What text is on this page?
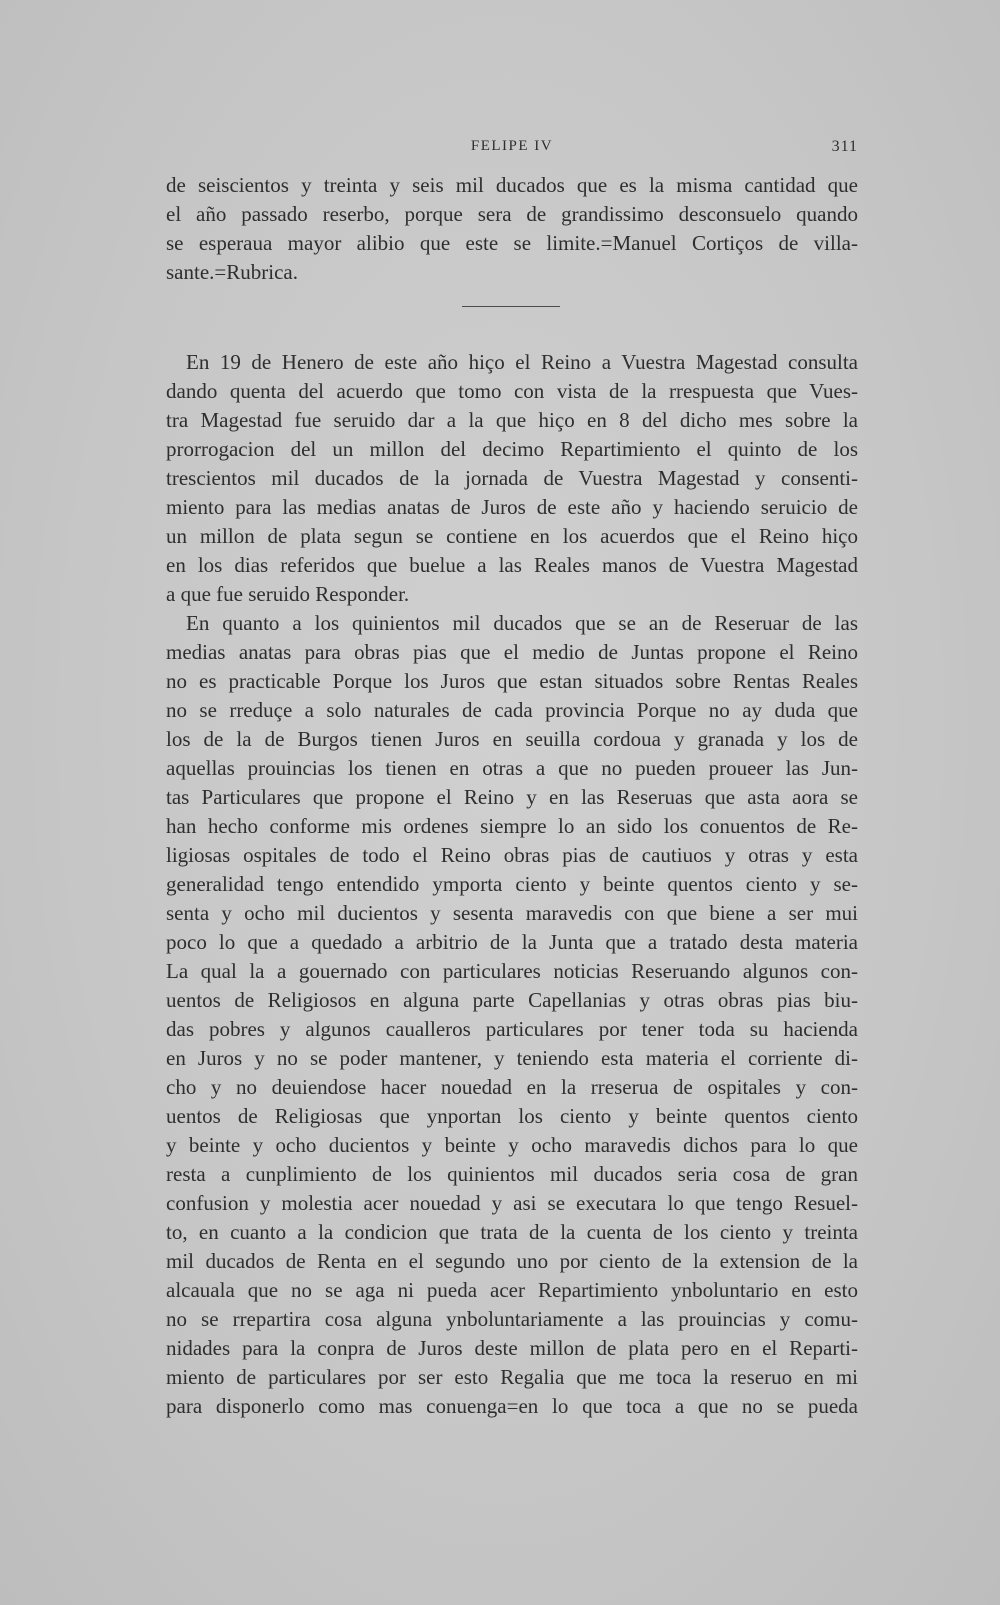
FELIPE IV	311
de seiscientos y treinta y seis mil ducados que es la misma cantidad que
el año passado reserbo, porque sera de grandissimo desconsuelo quando
se esperaua mayor alibio que este se limite.=Manuel Cortiços de villa-
sante.=Rubrica.
En 19 de Henero de este año hiço el Reino a Vuestra Magestad consulta
dando quenta del acuerdo que tomo con vista de la rrespuesta que Vues-
tra Magestad fue seruido dar a la que hiço en 8 del dicho mes sobre la
prorrogacion del un millon del decimo Repartimiento el quinto de los
trescientos mil ducados de la jornada de Vuestra Magestad y consenti-
miento para las medias anatas de Juros de este año y haciendo seruicio de
un millon de plata segun se contiene en los acuerdos que el Reino hiço
en los dias referidos que buelue a las Reales manos de Vuestra Magestad
a que fue seruido Responder.
En quanto a los quinientos mil ducados que se an de Reseruar de las
medias anatas para obras pias que el medio de Juntas propone el Reino
no es practicable Porque los Juros que estan situados sobre Rentas Reales
no se rreduçe a solo naturales de cada provincia Porque no ay duda que
los de la de Burgos tienen Juros en seuilla cordoua y granada y los de
aquellas prouincias los tienen en otras a que no pueden proueer las Jun-
tas Particulares que propone el Reino y en las Reseruas que asta aora se
han hecho conforme mis ordenes siempre lo an sido los conuentos de Re-
ligiosas ospitales de todo el Reino obras pias de cautiuos y otras y esta
generalidad tengo entendido ymporta ciento y beinte quentos ciento y se-
senta y ocho mil ducientos y sesenta maravedis con que biene a ser mui
poco lo que a quedado a arbitrio de la Junta que a tratado desta materia
La qual la a gouernado con particulares noticias Reseruando algunos con-
uentos de Religiosos en alguna parte Capellanias y otras obras pias biu-
das pobres y algunos caualleros particulares por tener toda su hacienda
en Juros y no se poder mantener, y teniendo esta materia el corriente di-
cho y no deuiendose hacer nouedad en la rreserua de ospitales y con-
uentos de Religiosas que ynportan los ciento y beinte quentos ciento
y beinte y ocho ducientos y beinte y ocho maravedis dichos para lo que
resta a cunplimiento de los quinientos mil ducados seria cosa de gran
confusion y molestia acer nouedad y asi se executara lo que tengo Resuel-
to, en cuanto a la condicion que trata de la cuenta de los ciento y treinta
mil ducados de Renta en el segundo uno por ciento de la extension de la
alcauala que no se aga ni pueda acer Repartimiento ynboluntario en esto
no se rrepartira cosa alguna ynboluntariamente a las prouincias y comu-
nidades para la conpra de Juros deste millon de plata pero en el Reparti-
miento de particulares por ser esto Regalia que me toca la reseruo en mi
para disponerlo como mas conuenga=en lo que toca a que no se pueda
